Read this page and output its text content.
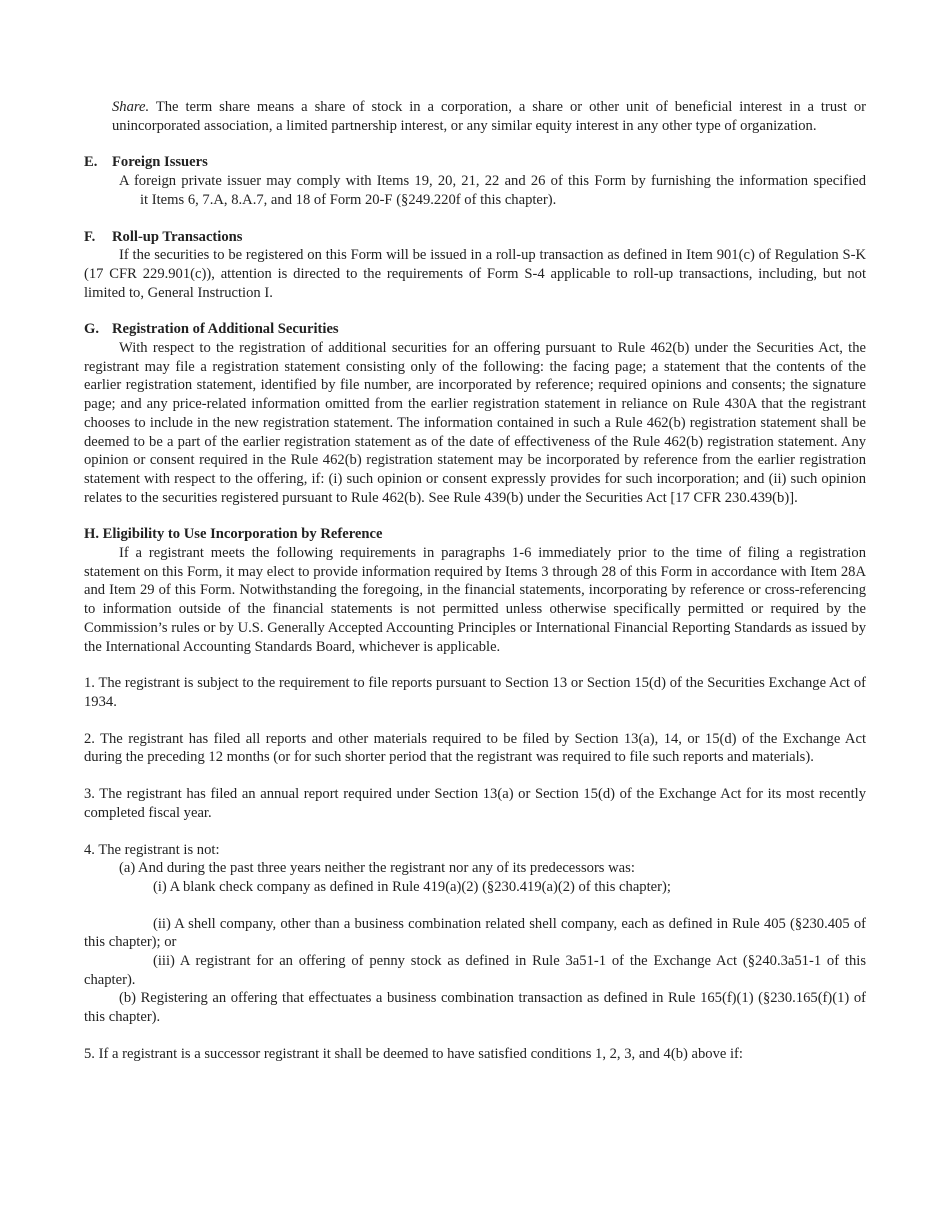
Share. The term share means a share of stock in a corporation, a share or other unit of beneficial interest in a trust or unincorporated association, a limited partnership interest, or any similar equity interest in any other type of organization.

E. Foreign Issuers

A foreign private issuer may comply with Items 19, 20, 21, 22 and 26 of this Form by furnishing the information specifiedit Items 6, 7.A, 8.A.7, and 18 of Form 20-F (§249.220f of this chapter).

F. Roll-up Transactions

If the securities to be registered on this Form will be issued in a roll-up transaction as defined in Item 901(c) of Regulation S-K (17 CFR 229.901(c)), attention is directed to the requirements of Form S-4 applicable to roll-up transactions, including, but not limited to, General Instruction I.

G. Registration of Additional Securities

With respect to the registration of additional securities for an offering pursuant to Rule 462(b) under the Securities Act, the registrant may file a registration statement consisting only of the following: the facing page; a statement that the contents of the earlier registration statement, identified by file number, are incorporated by reference; required opinions and consents; the signature page; and any price-related information omitted from the earlier registration statement in reliance on Rule 430A that the registrant chooses to include in the new registration statement. The information contained in such a Rule 462(b) registration statement shall be deemed to be a part of the earlier registration statement as of the date of effectiveness of the Rule 462(b) registration statement. Any opinion or consent required in the Rule 462(b) registration statement may be incorporated by reference from the earlier registration statement with respect to the offering, if: (i) such opinion or consent expressly provides for such incorporation; and (ii) such opinion relates to the securities registered pursuant to Rule 462(b). See Rule 439(b) under the Securities Act [17 CFR 230.439(b)].

H. Eligibility to Use Incorporation by Reference

If a registrant meets the following requirements in paragraphs 1-6 immediately prior to the time of filing a registration statement on this Form, it may elect to provide information required by Items 3 through 28 of this Form in accordance with Item 28A and Item 29 of this Form. Notwithstanding the foregoing, in the financial statements, incorporating by reference or cross-referencing to information outside of the financial statements is not permitted unless otherwise specifically permitted or required by the Commission’s rules or by U.S. Generally Accepted Accounting Principles or International Financial Reporting Standards as issued by the International Accounting Standards Board, whichever is applicable.

1. The registrant is subject to the requirement to file reports pursuant to Section 13 or Section 15(d) of the Securities Exchange Act of 1934.

2. The registrant has filed all reports and other materials required to be filed by Section 13(a), 14, or 15(d) of the Exchange Act during the preceding 12 months (or for such shorter period that the registrant was required to file such reports and materials).

3. The registrant has filed an annual report required under Section 13(a) or Section 15(d) of the Exchange Act for its most recently completed fiscal year.

4. The registrant is not:

(a) And during the past three years neither the registrant nor any of its predecessors was:

(i) A blank check company as defined in Rule 419(a)(2) (§230.419(a)(2) of this chapter);

(ii) A shell company, other than a business combination related shell company, each as defined in Rule 405 (§230.405 of this chapter); or

(iii) A registrant for an offering of penny stock as defined in Rule 3a51-1 of the Exchange Act (§240.3a51-1 of this chapter).

(b) Registering an offering that effectuates a business combination transaction as defined in Rule 165(f)(1) (§230.165(f)(1) of this chapter).

5. If a registrant is a successor registrant it shall be deemed to have satisfied conditions 1, 2, 3, and 4(b) above if:
